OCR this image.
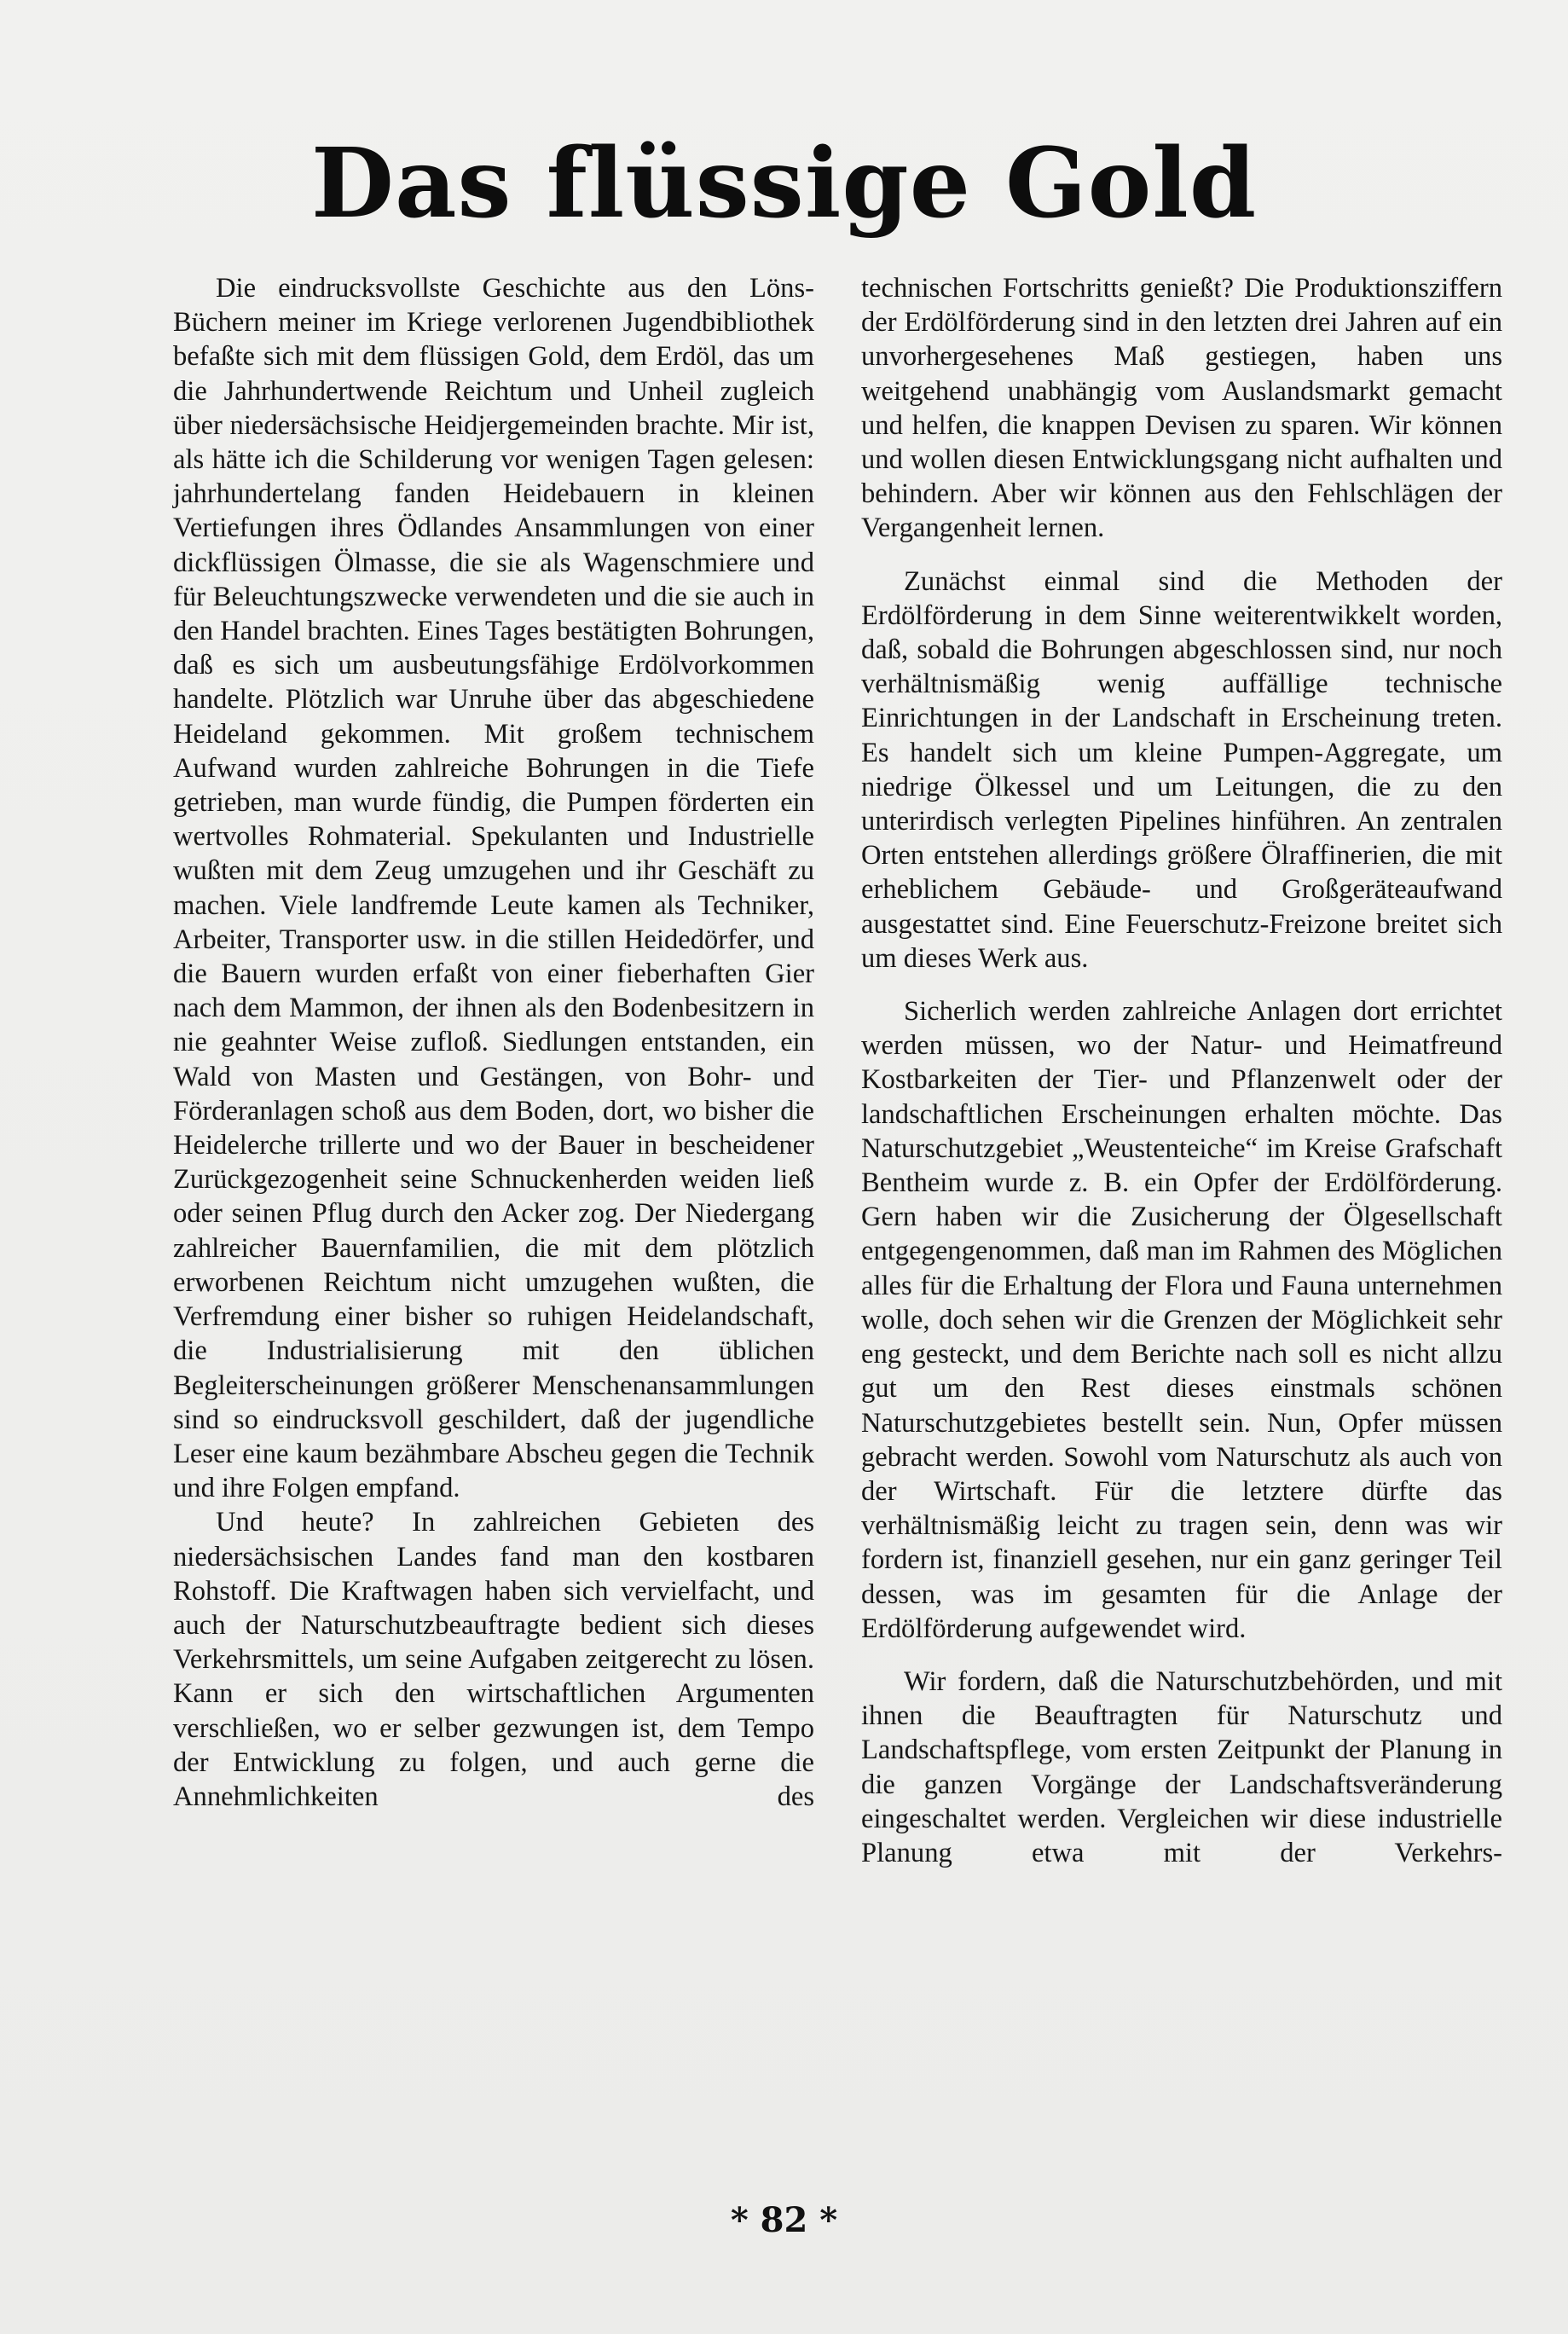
Das flüssige Gold

Die eindrucksvollste Geschichte aus den Löns-Büchern meiner im Kriege verlorenen Jugendbibliothek befaßte sich mit dem flüssigen Gold, dem Erdöl, das um die Jahrhundertwende Reichtum und Unheil zugleich über niedersächsische Heidjergemeinden brachte. Mir ist, als hätte ich die Schilderung vor wenigen Tagen gelesen: jahrhundertelang fanden Heidebauern in kleinen Vertiefungen ihres Ödlandes Ansammlungen von einer dickflüssigen Ölmasse, die sie als Wagenschmiere und für Beleuchtungszwecke verwendeten und die sie auch in den Handel brachten. Eines Tages bestätigten Bohrungen, daß es sich um ausbeutungsfähige Erdölvorkommen handelte. Plötzlich war Unruhe über das abgeschiedene Heideland gekommen. Mit großem technischem Aufwand wurden zahlreiche Bohrungen in die Tiefe getrieben, man wurde fündig, die Pumpen förderten ein wertvolles Rohmaterial. Spekulanten und Industrielle wußten mit dem Zeug umzugehen und ihr Geschäft zu machen. Viele landfremde Leute kamen als Techniker, Arbeiter, Transporter usw. in die stillen Heidedörfer, und die Bauern wurden erfaßt von einer fieberhaften Gier nach dem Mammon, der ihnen als den Bodenbesitzern in nie geahnter Weise zufloß. Siedlungen entstanden, ein Wald von Masten und Gestängen, von Bohr- und Förderanlagen schoß aus dem Boden, dort, wo bisher die Heidelerche trillerte und wo der Bauer in bescheidener Zurückgezogenheit seine Schnuckenherden weiden ließ oder seinen Pflug durch den Acker zog. Der Niedergang zahlreicher Bauernfamilien, die mit dem plötzlich erworbenen Reichtum nicht umzugehen wußten, die Verfremdung einer bisher so ruhigen Heidelandschaft, die Industrialisierung mit den üblichen Begleiterscheinungen größerer Menschenansammlungen sind so eindrucksvoll geschildert, daß der jugendliche Leser eine kaum bezähmbare Abscheu gegen die Technik und ihre Folgen empfand.

Und heute? In zahlreichen Gebieten des niedersächsischen Landes fand man den kostbaren Rohstoff. Die Kraftwagen haben sich vervielfacht, und auch der Naturschutzbeauftragte bedient sich dieses Verkehrsmittels, um seine Aufgaben zeitgerecht zu lösen. Kann er sich den wirtschaftlichen Argumenten verschließen, wo er selber gezwungen ist, dem Tempo der Entwicklung zu folgen, und auch gerne die Annehmlichkeiten des

technischen Fortschritts genießt? Die Produktionsziffern der Erdölförderung sind in den letzten drei Jahren auf ein unvorhergesehenes Maß gestiegen, haben uns weitgehend unabhängig vom Auslandsmarkt gemacht und helfen, die knappen Devisen zu sparen. Wir können und wollen diesen Entwicklungsgang nicht aufhalten und behindern. Aber wir können aus den Fehlschlägen der Vergangenheit lernen.

Zunächst einmal sind die Methoden der Erdölförderung in dem Sinne weiterentwikkelt worden, daß, sobald die Bohrungen abgeschlossen sind, nur noch verhältnismäßig wenig auffällige technische Einrichtungen in der Landschaft in Erscheinung treten. Es handelt sich um kleine Pumpen-Aggregate, um niedrige Ölkessel und um Leitungen, die zu den unterirdisch verlegten Pipelines hinführen. An zentralen Orten entstehen allerdings größere Ölraffinerien, die mit erheblichem Gebäude- und Großgeräteaufwand ausgestattet sind. Eine Feuerschutz-Freizone breitet sich um dieses Werk aus.

Sicherlich werden zahlreiche Anlagen dort errichtet werden müssen, wo der Natur- und Heimatfreund Kostbarkeiten der Tier- und Pflanzenwelt oder der landschaftlichen Erscheinungen erhalten möchte. Das Naturschutzgebiet „Weustenteiche“ im Kreise Grafschaft Bentheim wurde z. B. ein Opfer der Erdölförderung. Gern haben wir die Zusicherung der Ölgesellschaft entgegengenommen, daß man im Rahmen des Möglichen alles für die Erhaltung der Flora und Fauna unternehmen wolle, doch sehen wir die Grenzen der Möglichkeit sehr eng gesteckt, und dem Berichte nach soll es nicht allzu gut um den Rest dieses einstmals schönen Naturschutzgebietes bestellt sein. Nun, Opfer müssen gebracht werden. Sowohl vom Naturschutz als auch von der Wirtschaft. Für die letztere dürfte das verhältnismäßig leicht zu tragen sein, denn was wir fordern ist, finanziell gesehen, nur ein ganz geringer Teil dessen, was im gesamten für die Anlage der Erdölförderung aufgewendet wird.

Wir fordern, daß die Naturschutzbehörden, und mit ihnen die Beauftragten für Naturschutz und Landschaftspflege, vom ersten Zeitpunkt der Planung in die ganzen Vorgänge der Landschaftsveränderung eingeschaltet werden. Vergleichen wir diese industrielle Planung etwa mit der Verkehrs-

* 82 *
